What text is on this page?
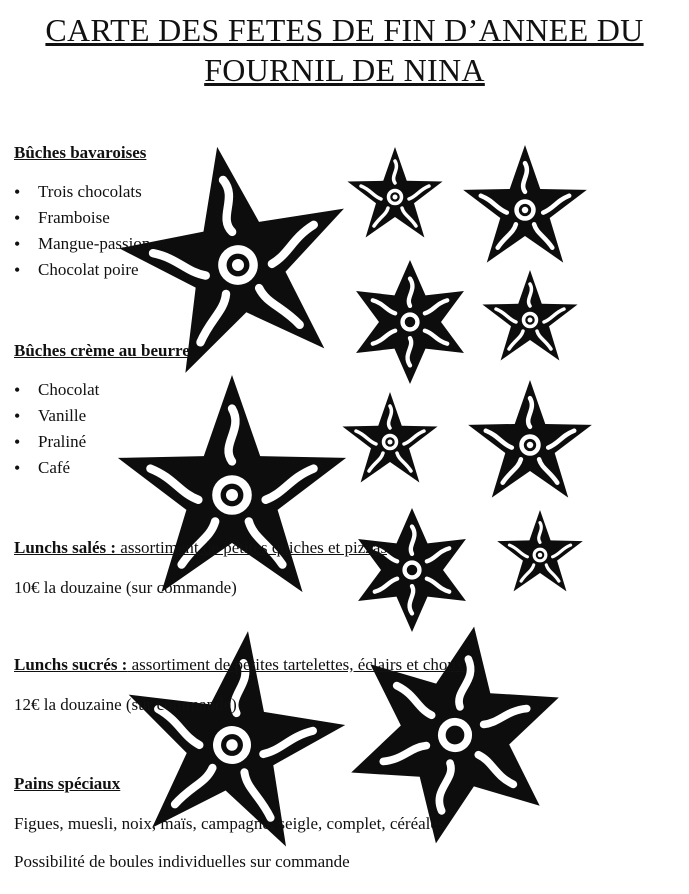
CARTE DES FETES DE FIN D’ANNEE DU
FOURNIL DE NINA
Bûches bavaroises
• Trois chocolats
• Framboise
• Mangue-passion
• Chocolat poire
Bûches crème au beurre
• Chocolat
• Vanille
• Praliné
• Café
Lunchs salés : assortiment de petites quiches et pizzas
10€ la douzaine (sur commande)
Lunchs sucrés : assortiment de petites tartelettes, éclairs et choux
12€ la douzaine (sur commande)
Pains spéciaux
Figues, muesli, noix, maïs, campagne, seigle, complet, céréales
Possibilité de boules individuelles sur commande
